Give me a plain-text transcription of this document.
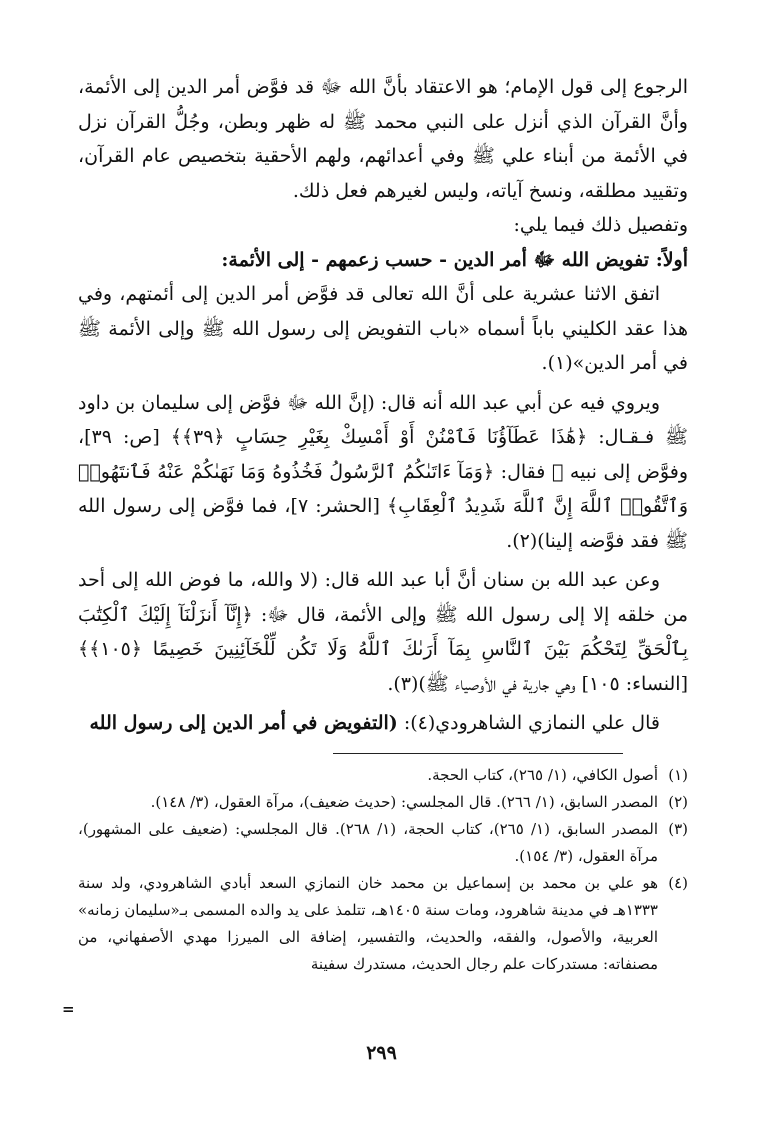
الرجوع إلى قول الإمام؛ هو الاعتقاد بأنَّ الله ﷻ قد فوَّض أمر الدين إلى الأئمة، وأنَّ القرآن الذي أنزل على النبي محمد ﷺ له ظهر وبطن، وجُلُّ القرآن نزل في الأئمة من أبناء علي ﷺ وفي أعدائهم، ولهم الأحقية بتخصيص عام القرآن، وتقييد مطلقه، ونسخ آياته، وليس لغيرهم فعل ذلك.

وتفصيل ذلك فيما يلي:

أولاً: تفويض الله ﷻ أمر الدين - حسب زعمهم - إلى الأئمة:

اتفق الاثنا عشرية على أنَّ الله تعالى قد فوَّض أمر الدين إلى أئمتهم، وفي هذا عقد الكليني باباً أسماه «باب التفويض إلى رسول الله ﷺ وإلى الأئمة ﷺ في أمر الدين»(١).

ويروي فيه عن أبي عبد الله أنه قال: (إنَّ الله ﷻ فوَّض إلى سليمان بن داود ﷺ فـقـال: ﴿هَٰذَا عَطَآؤُنَا فَٱمْنُنْ أَوْ أَمْسِكْ بِغَيْرِ حِسَابٍ ﴿٣٩﴾﴾ [ص: ٣٩]، وفوَّض إلى نبيه ﷺ فقال: ﴿وَمَآ ءَاتَىٰكُمُ ٱلرَّسُولُ فَخُذُوهُ وَمَا نَهَىٰكُمْ عَنْهُ فَٱنتَهُوا۟ وَٱتَّقُوا۟ ٱللَّهَ إِنَّ ٱللَّهَ شَدِيدُ ٱلْعِقَابِ﴾ [الحشر: ٧]، فما فوَّض إلى رسول الله ﷺ فقد فوَّضه إلينا)(٢).

وعن عبد الله بن سنان أنَّ أبا عبد الله قال: (لا والله، ما فوض الله إلى أحد من خلقه إلا إلى رسول الله ﷺ وإلى الأئمة، قال ﷻ: ﴿إِنَّآ أَنزَلْنَآ إِلَيْكَ ٱلْكِتَٰبَ بِٱلْحَقِّ لِتَحْكُمَ بَيْنَ ٱلنَّاسِ بِمَآ أَرَىٰكَ ٱللَّهُ وَلَا تَكُن لِّلْخَآئِنِينَ خَصِيمًا ﴿١٠٥﴾﴾ [النساء: ١٠٥] وهي جارية في الأوصياء ﷺ)(٣).

قال علي النمازي الشاهرودي(٤): (التفويض في أمر الدين إلى رسول الله

(١)
أصول الكافي، (١/ ٢٦٥)، كتاب الحجة.
(٢)
المصدر السابق، (١/ ٢٦٦). قال المجلسي: (حديث ضعيف)، مرآة العقول، (٣/ ١٤٨).
(٣)
المصدر السابق، (١/ ٢٦٥)، كتاب الحجة، (١/ ٢٦٨). قال المجلسي: (ضعيف على المشهور)، مرآة العقول، (٣/ ١٥٤).
(٤)
هو علي بن محمد بن إسماعيل بن محمد خان النمازي السعد أبادي الشاهرودي، ولد سنة ١٣٣٣هـ في مدينة شاهرود، ومات سنة ١٤٠٥هـ، تتلمذ على يد والده المسمى بـ«سليمان زمانه» العربية، والأصول، والفقه، والحديث، والتفسير، إضافة الى الميرزا مهدي الأصفهاني، من مصنفاته: مستدركات علم رجال الحديث، مستدرك سفينة
=
٢٩٩
